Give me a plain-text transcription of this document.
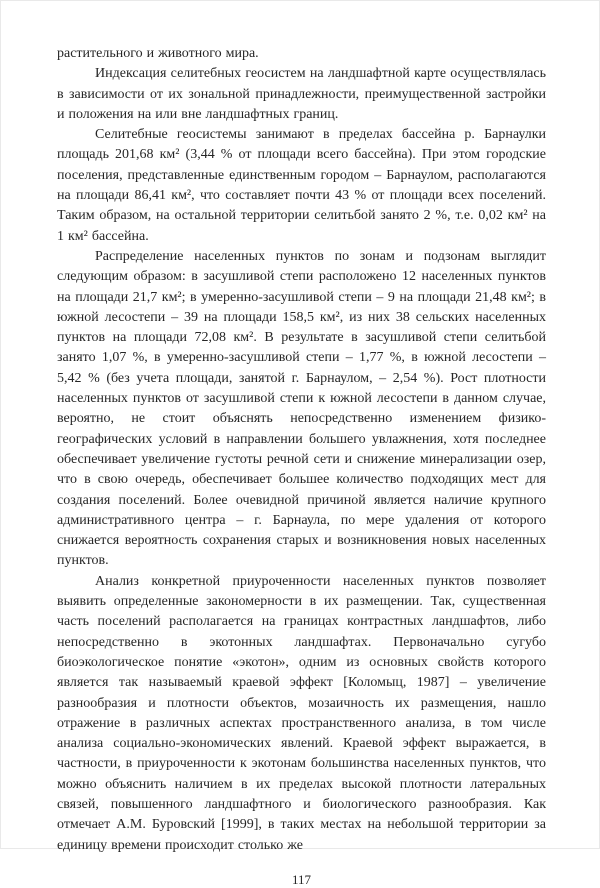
растительного и животного мира.

Индексация селитебных геосистем на ландшафтной карте осуществлялась в зависимости от их зональной принадлежности, преимущественной застройки и положения на или вне ландшафтных границ.

Селитебные геосистемы занимают в пределах бассейна р. Барнаулки площадь 201,68 км² (3,44 % от площади всего бассейна). При этом городские поселения, представленные единственным городом – Барнаулом, располагаются на площади 86,41 км², что составляет почти 43 % от площади всех поселений. Таким образом, на остальной территории селитьбой занято 2 %, т.е. 0,02 км² на 1 км² бассейна.

Распределение населенных пунктов по зонам и подзонам выглядит следующим образом: в засушливой степи расположено 12 населенных пунктов на площади 21,7 км²; в умеренно-засушливой степи – 9 на площади 21,48 км²; в южной лесостепи – 39 на площади 158,5 км², из них 38 сельских населенных пунктов на площади 72,08 км². В результате в засушливой степи селитьбой занято 1,07 %, в умеренно-засушливой степи – 1,77 %, в южной лесостепи – 5,42 % (без учета площади, занятой г. Барнаулом, – 2,54 %). Рост плотности населенных пунктов от засушливой степи к южной лесостепи в данном случае, вероятно, не стоит объяснять непосредственно изменением физико-географических условий в направлении большего увлажнения, хотя последнее обеспечивает увеличение густоты речной сети и снижение минерализации озер, что в свою очередь, обеспечивает большее количество подходящих мест для создания поселений. Более очевидной причиной является наличие крупного административного центра – г. Барнаула, по мере удаления от которого снижается вероятность сохранения старых и возникновения новых населенных пунктов.

Анализ конкретной приуроченности населенных пунктов позволяет выявить определенные закономерности в их размещении. Так, существенная часть поселений располагается на границах контрастных ландшафтов, либо непосредственно в экотонных ландшафтах. Первоначально сугубо биоэкологическое понятие «экотон», одним из основных свойств которого является так называемый краевой эффект [Коломыц, 1987] – увеличение разнообразия и плотности объектов, мозаичность их размещения, нашло отражение в различных аспектах пространственного анализа, в том числе анализа социально-экономических явлений. Краевой эффект выражается, в частности, в приуроченности к экотонам большинства населенных пунктов, что можно объяснить наличием в их пределах высокой плотности латеральных связей, повышенного ландшафтного и биологического разнообразия. Как отмечает А.М. Буровский [1999], в таких местах на небольшой территории за единицу времени происходит столько же

117
